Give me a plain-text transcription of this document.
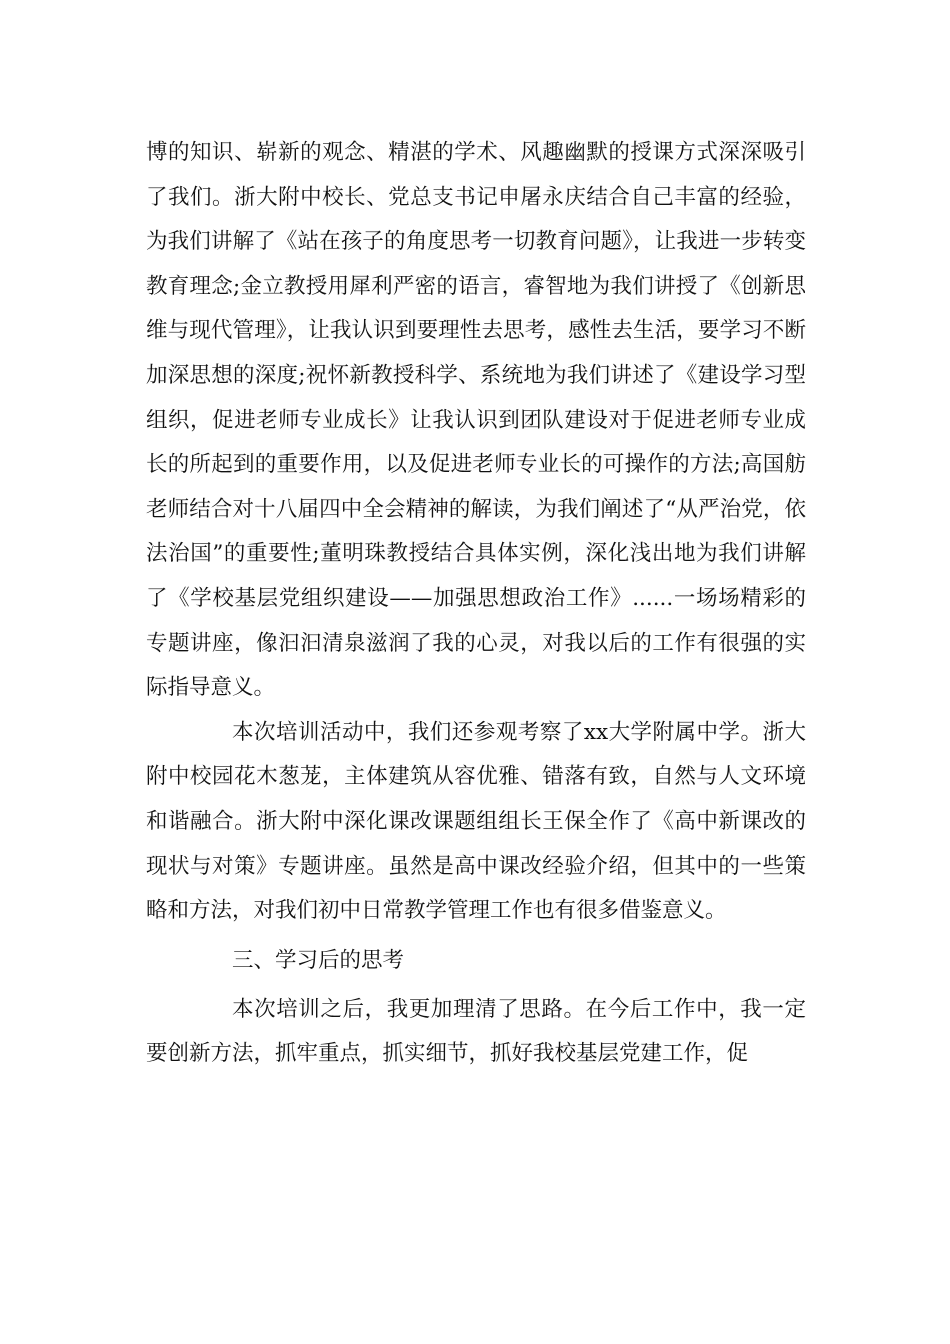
博的知识、崭新的观念、精湛的学术、风趣幽默的授课方式深深吸引了我们。浙大附中校长、党总支书记申屠永庆结合自己丰富的经验，为我们讲解了《站在孩子的角度思考一切教育问题》，让我进一步转变教育理念;金立教授用犀利严密的语言，睿智地为我们讲授了《创新思维与现代管理》，让我认识到要理性去思考，感性去生活，要学习不断加深思想的深度;祝怀新教授科学、系统地为我们讲述了《建设学习型组织，促进老师专业成长》让我认识到团队建设对于促进老师专业成长的所起到的重要作用，以及促进老师专业长的可操作的方法;高国舫老师结合对十八届四中全会精神的解读，为我们阐述了“从严治党，依法治国”的重要性;董明珠教授结合具体实例，深化浅出地为我们讲解了《学校基层党组织建设——加强思想政治工作》......一场场精彩的专题讲座，像汩汩清泉滋润了我的心灵，对我以后的工作有很强的实际指导意义。

本次培训活动中，我们还参观考察了xx大学附属中学。浙大附中校园花木葱茏，主体建筑从容优雅、错落有致，自然与人文环境和谐融合。浙大附中深化课改课题组组长王保全作了《高中新课改的现状与对策》专题讲座。虽然是高中课改经验介绍，但其中的一些策略和方法，对我们初中日常教学管理工作也有很多借鉴意义。

三、学习后的思考

本次培训之后，我更加理清了思路。在今后工作中，我一定要创新方法，抓牢重点，抓实细节，抓好我校基层党建工作，促
